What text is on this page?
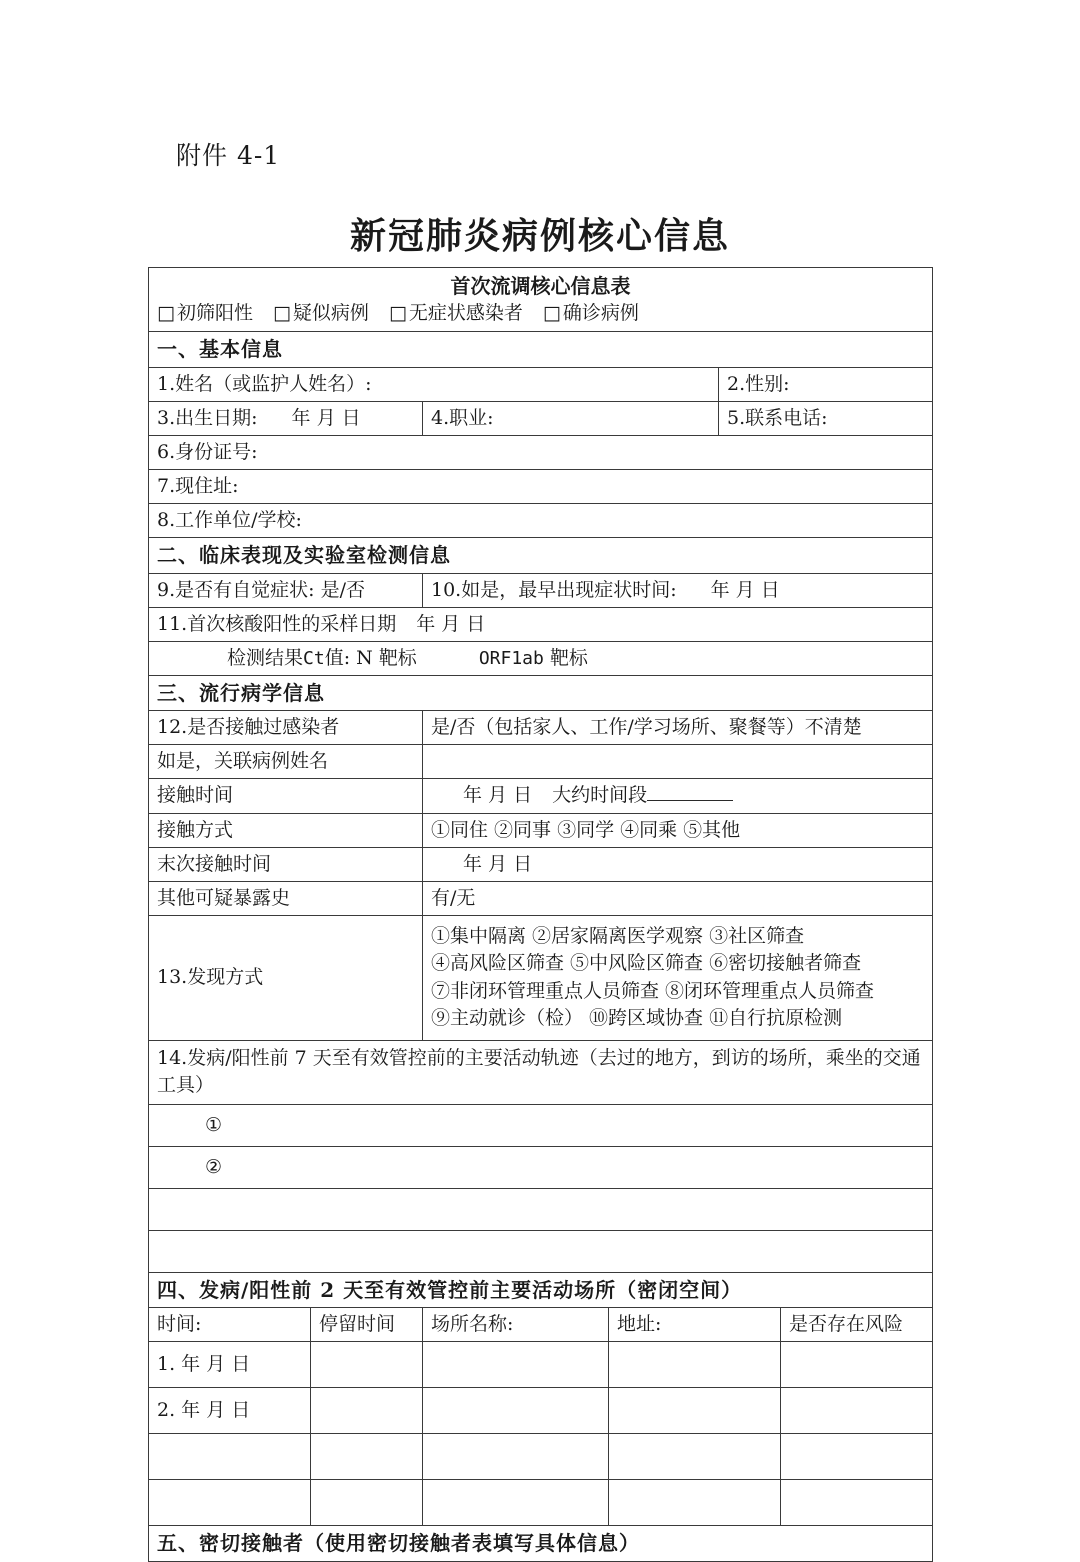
附件 4-1
新冠肺炎病例核心信息
首次流调核心信息表					
□ 初筛阳性 □ 疑似病例 □ 无症状感染者 □ 确诊病例					
一、基本信息					
1.姓名（或监护人姓名）:				2.性别:	
3.出生日期: 年 月 日		4.职业:		5.联系电话:	
6.身份证号:					
7.现住址:					
8.工作单位/学校:					
二、临床表现及实验室检测信息					
9.是否有自觉症状: 是/否		10.如是，最早出现症状时间: 年 月 日			
11.首次核酸阳性的采样日期 年 月 日					
检测结果Ct值: N 靶标 ORF1ab 靶标					
三、流行病学信息					
12.是否接触过感染者		是/否（包括家人、工作/学习场所、聚餐等）不清楚			
如是，关联病例姓名					
接触时间		年 月 日 大约时间段			
接触方式		①同住 ②同事 ③同学 ④同乘 ⑤其他			
末次接触时间		年 月 日			
其他可疑暴露史		有/无			
13.发现方式		①集中隔离 ②居家隔离医学观察 ③社区筛查
④高风险区筛查 ⑤中风险区筛查 ⑥密切接触者筛查
⑦非闭环管理重点人员筛查 ⑧闭环管理重点人员筛查
⑨主动就诊（检） ⑩跨区域协查 ⑪自行抗原检测			

14.发病/阳性前 7 天至有效管控前的主要活动轨迹（去过的地方，到访的场所，乘坐的交通工具）					
①					
②					

四、发病/阳性前 2 天至有效管控前主要活动场所（密闭空间）					
时间:	停留时间	场所名称:	地址:		是否存在风险
1. 年 月 日					
2. 年 月 日					

五、密切接触者（使用密切接触者表填写具体信息）					
